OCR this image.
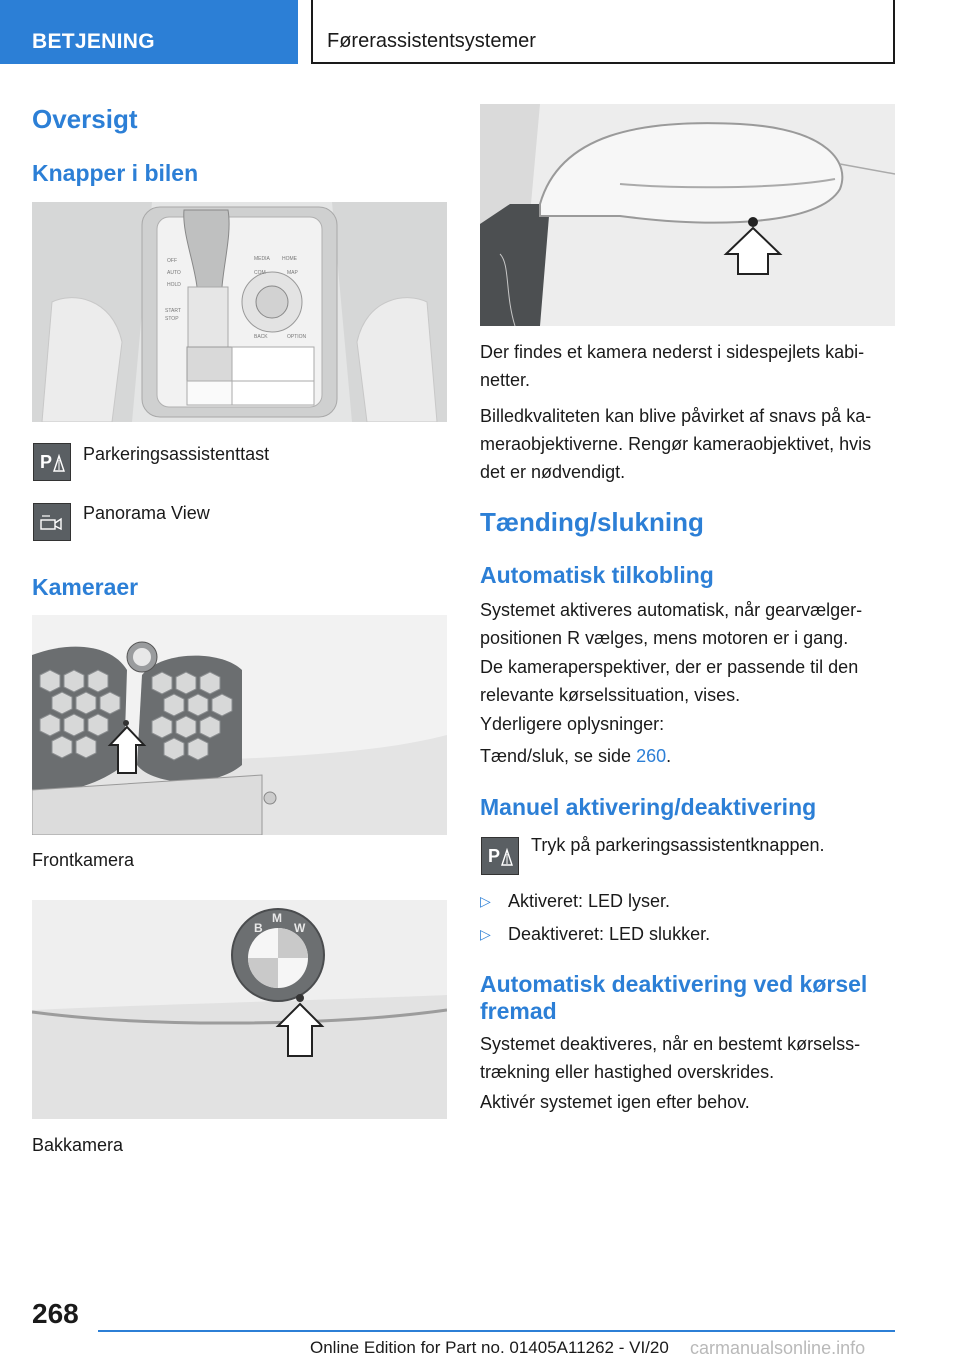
BETJENING	Førerassistentsystemer
Oversigt
Knapper i bilen
OFF
AUTO
HOLD
START
STOP
MEDIA HOME
COM	MAP
BACK	OPTION
P Parkeringsassistenttast
Panorama View
Kameraer
Frontkamera
B
M
W
Bakkamera
Der findes et kamera nederst i sidespejlets kabi-
netter.
Billedkvaliteten kan blive påvirket af snavs på ka-
meraobjektiverne. Rengør kameraobjektivet, hvis
det er nødvendigt.
Tænding/slukning
Automatisk tilkobling
Systemet aktiveres automatisk, når gearvælger-
positionen R vælges, mens motoren er i gang.
De kameraperspektiver, der er passende til den
relevante kørselssituation, vises.
Yderligere oplysninger:
Tænd/sluk, se side 260.
Manuel aktivering/deaktivering
P
Tryk på parkeringsassistentknappen.
▷ Aktiveret: LED lyser.
▷ Deaktiveret: LED slukker.
Automatisk deaktivering ved kørsel
fremad
Systemet deaktiveres, når en bestemt kørselss-
trækning eller hastighed overskrides.
Aktivér systemet igen efter behov.
268
Online Edition for Part no. 01405A11262 - VI/20 carmanualsonline.info
